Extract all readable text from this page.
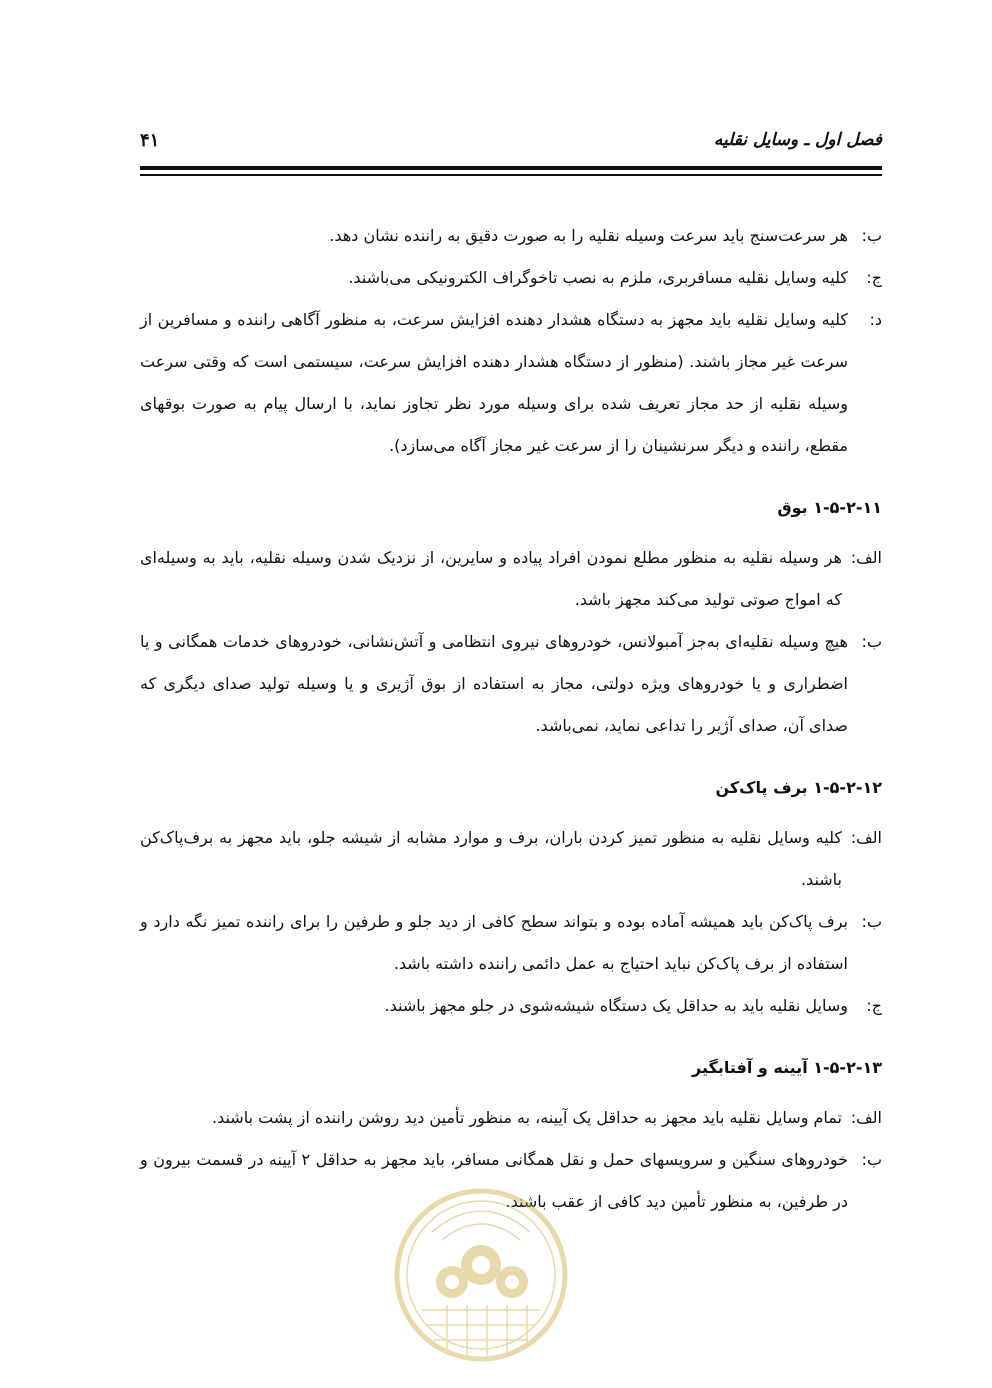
فصل اول ـ وسایل نقلیه
۴۱
ب:
هر سرعت‌سنج باید سرعت وسیله نقلیه را به صورت دقیق به راننده نشان دهد.
ج:
کلیه وسایل نقلیه مسافربری، ملزم به نصب تاخوگراف الکترونیکی می‌باشند.
د:
کلیه وسایل نقلیه باید مجهز به دستگاه هشدار دهنده افزایش سرعت، به منظور آگاهی راننده و مسافرین از سرعت غیر مجاز باشند. (منظور از دستگاه هشدار دهنده افزایش سرعت، سیستمی است که وقتی سرعت وسیله نقلیه از حد مجاز تعریف شده برای وسیله مورد نظر تجاوز نماید، با ارسال پیام به صورت بوقهای مقطع، راننده و دیگر سرنشینان را از سرعت غیر مجاز آگاه می‌سازد).
۱-۵-۲-۱۱ بوق
الف:
هر وسیله نقلیه به منظور مطلع نمودن افراد پیاده و سایرین، از نزدیک شدن وسیله نقلیه، باید به وسیله‌ای که امواج صوتی تولید می‌کند مجهز باشد.
ب:
هیچ وسیله نقلیه‌ای به‌جز آمبولانس، خودروهای نیروی انتظامی و آتش‌نشانی، خودروهای خدمات همگانی و یا اضطراری و یا خودروهای ویژه دولتی، مجاز به استفاده از بوق آژیری و یا وسیله تولید صدای دیگری که صدای آن، صدای آژیر را تداعی نماید، نمی‌باشد.
۱-۵-۲-۱۲ برف پاک‌کن
الف:
کلیه وسایل نقلیه به منظور تمیز کردن باران، برف و موارد مشابه از شیشه جلو، باید مجهز به برف‌پاک‌کن باشند.
ب:
برف پاک‌کن باید همیشه آماده بوده و بتواند سطح کافی از دید جلو و طرفین را برای راننده تمیز نگه دارد و استفاده از برف پاک‌کن نباید احتیاج به عمل دائمی راننده داشته باشد.
ج:
وسایل نقلیه باید به حداقل یک دستگاه شیشه‌شوی در جلو مجهز باشند.
۱-۵-۲-۱۳ آیینه و آفتابگیر
الف:
تمام وسایل نقلیه باید مجهز به حداقل یک آیینه، به منظور تأمین دید روشن راننده از پشت باشند.
ب:
خودروهای سنگین و سرویسهای حمل و نقل همگانی مسافر، باید مجهز به حداقل ۲ آیینه در قسمت بیرون و در طرفین، به منظور تأمین دید کافی از عقب باشند.
